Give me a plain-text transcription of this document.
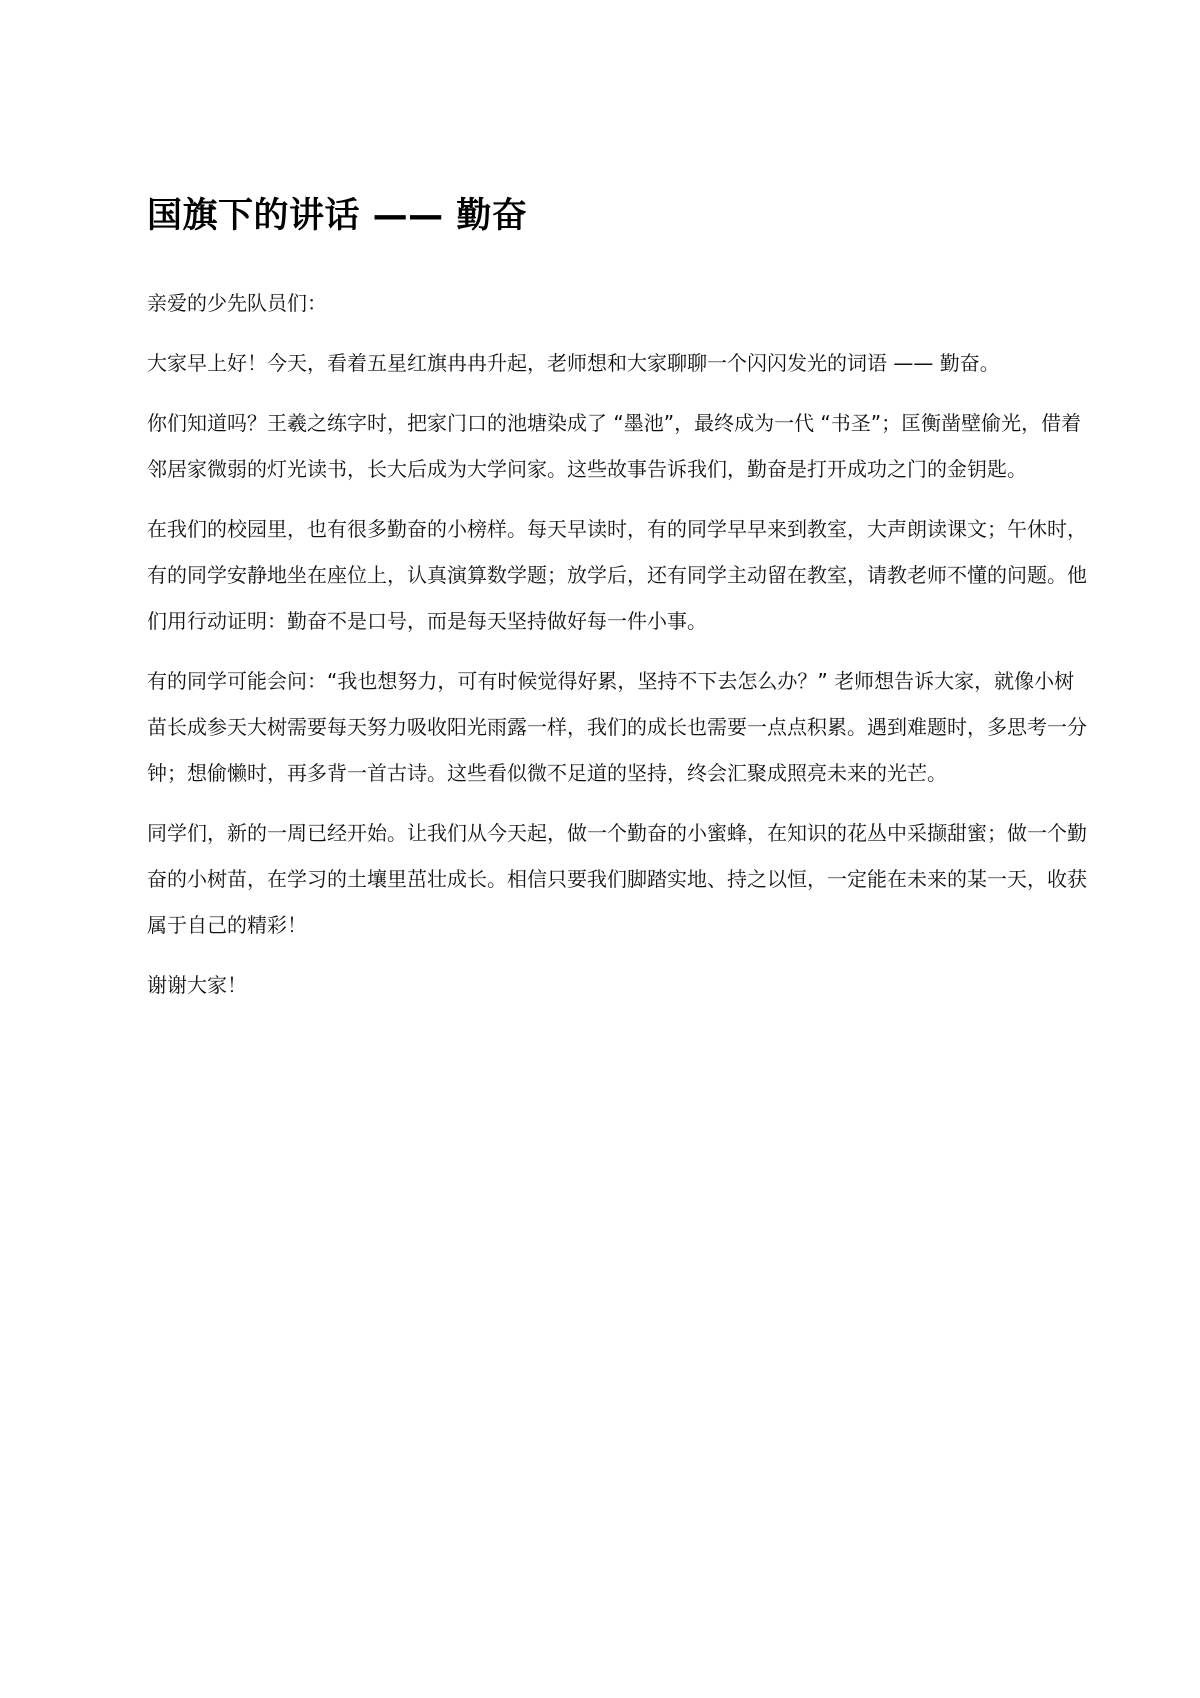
国旗下的讲话 —— 勤奋

亲爱的少先队员们：

大家早上好！今天，看着五星红旗冉冉升起，老师想和大家聊聊一个闪闪发光的词语 —— 勤奋。

你们知道吗？王羲之练字时，把家门口的池塘染成了 “墨池”，最终成为一代 “书圣”；匡衡凿壁偷光，借着邻居家微弱的灯光读书，长大后成为大学问家。这些故事告诉我们，勤奋是打开成功之门的金钥匙。

在我们的校园里，也有很多勤奋的小榜样。每天早读时，有的同学早早来到教室，大声朗读课文；午休时，有的同学安静地坐在座位上，认真演算数学题；放学后，还有同学主动留在教室，请教老师不懂的问题。他们用行动证明：勤奋不是口号，而是每天坚持做好每一件小事。

有的同学可能会问：“我也想努力，可有时候觉得好累，坚持不下去怎么办？” 老师想告诉大家，就像小树苗长成参天大树需要每天努力吸收阳光雨露一样，我们的成长也需要一点点积累。遇到难题时，多思考一分钟；想偷懒时，再多背一首古诗。这些看似微不足道的坚持，终会汇聚成照亮未来的光芒。

同学们，新的一周已经开始。让我们从今天起，做一个勤奋的小蜜蜂，在知识的花丛中采撷甜蜜；做一个勤奋的小树苗，在学习的土壤里茁壮成长。相信只要我们脚踏实地、持之以恒，一定能在未来的某一天，收获属于自己的精彩！

谢谢大家！
